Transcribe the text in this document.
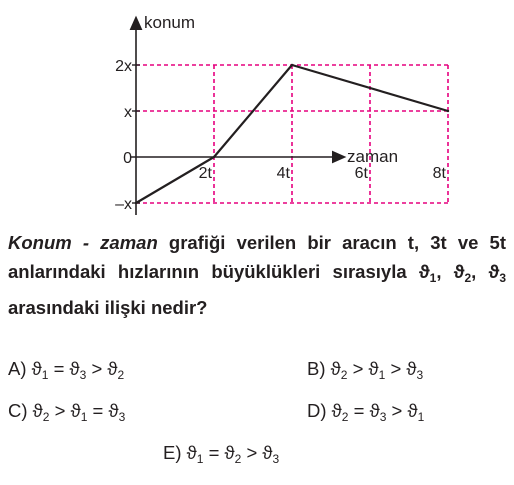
konum
zaman
2t	4t	6t	8t
–x
0
x
2x
Konum - zaman grafiği verilen bir aracın t, 3t ve 5t anlarındaki hızlarının büyüklükleri sırasıyla $ϑ_1$, $ϑ_2$, $ϑ_3$ arasındaki ilişki nedir?
A) $ϑ_1 = ϑ_3 > ϑ_2$	B) $ϑ_2 > ϑ_1 > ϑ_3$
C) $ϑ_2 > ϑ_1 = ϑ_3$	D) $ϑ_2 = ϑ_3 > ϑ_1$
E) $ϑ_1 = ϑ_2 > ϑ_3$
